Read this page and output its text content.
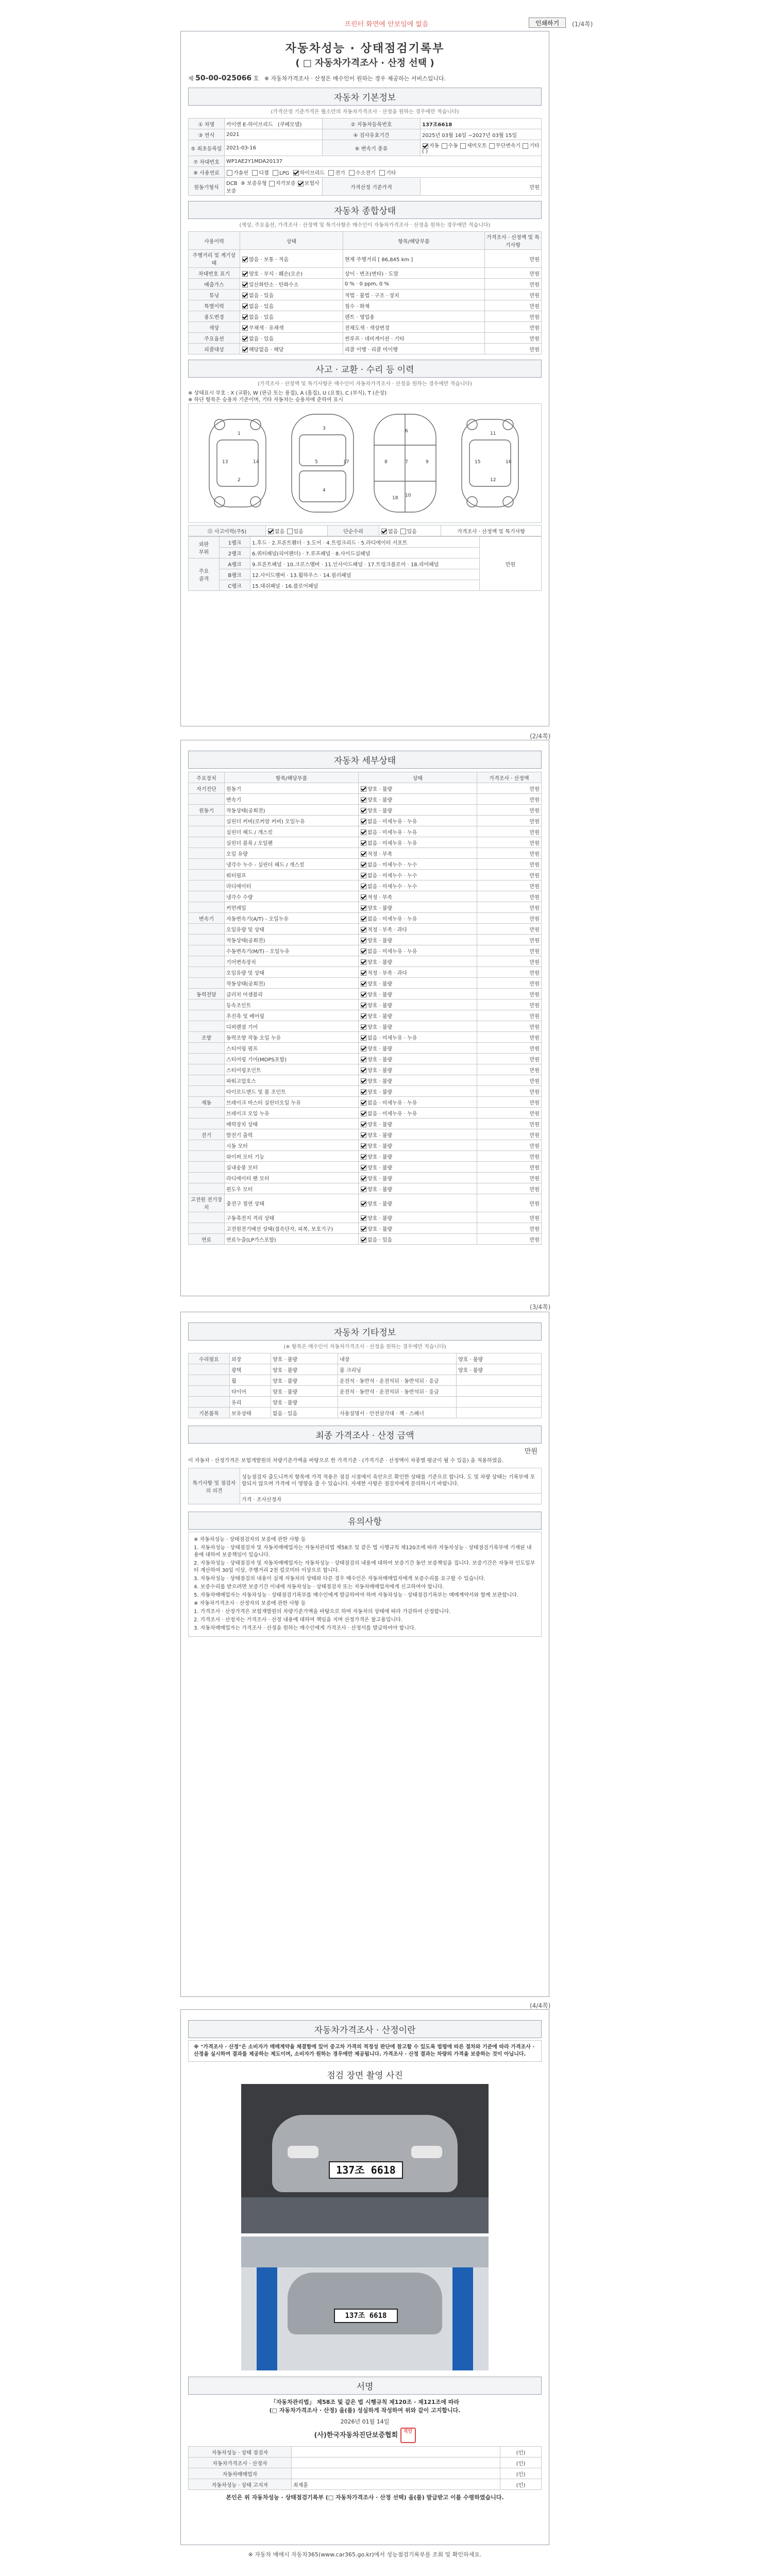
프린터 화면에 안보임에 없음	인쇄하기	(1/4쪽)
자동차성능 · 상태점검기록부
( □ 자동차가격조사 · 산정 선택 )
제 50-00-025066 호 ※ 자동차가격조사 · 산정은 매수인이 원하는 경우 제공하는 서비스입니다.
자동차 기본정보
(가격산정 기준가격은 월소만의 자동차가격조사 · 산정을 원하는 경우에만 적습니다)
① 차명	카이엔 E-하이브리드 (쿠페모델)	② 자동차등록번호	137조6618
③ 연식	2021	④ 검사유효기간	2025년 03월 16일 ~2027년 03월 15일
⑤ 최초등록일	2021-03-16	⑥ 변속기 종류	자동 수동 세미오토 무단변속기 기타 ( )
⑦ 차대번호	WP1AE2Y1MDA20137		
⑧ 사용연료	가솔린 디젤 LPG 하이브리드 전기 수소전기 기타		
원동기형식	DCB ⑨ 보증유형 자가보증 보험사보증	가격산정 기준가격	만원
자동차 종합상태
(색상, 주요옵션, 가격조사 · 산정액 및 특기사항은 매수인이 자동차가격조사 · 산정을 원하는 경우에만 적습니다)
사용이력	상태	항목/해당부품	가격조사 · 산정액 및 특기사항
주행거리 및 계기상태	많음 · 보통 · 적음	현재 주행거리 [ 86,845 km ]	만원
차대번호 표기	양호 · 부식 · 훼손(오손)	상이 · 변조(변타) · 도말	만원
배출가스	일산화탄소 · 탄화수소	0 % · 0 ppm, 0 %	만원
튜닝	없음 · 있음	적법 · 불법 · 구조 · 장치	만원
특별이력	없음 · 있음	침수 · 화재	만원
용도변경	없음 · 있음	렌트 · 영업용	만원
색상	무채색 · 유채색	전체도색 · 색상변경	만원
주요옵션	없음 · 있음	썬루프 · 네비게이션 · 기타	만원
리콜대상	해당없음 · 해당	리콜 이행 · 리콜 미이행	만원
사고 · 교환 · 수리 등 이력
(가격조사 · 산정액 및 특기사항은 매수인이 자동차가격조사 · 산정을 원하는 경우에만 적습니다)
※ 상태표시 부호 : X (교환), W (판금 또는 용접), A (흠집), U (요철), C (부식), T (손상)
※ 하단 항목은 승용차 기준이며, 기타 자동차는 승용차에 준하여 표시
1
2
3
4
5
6
7
8	9
10
11
12
13	14	15	16
17
18
⑫ 사고이력(주5)	없음 있음	단순수리	없음 있음	가격조사 · 산정액 및 특기사항
외판
부위	1랭크	1.후드 · 2.프론트휀더 · 3.도어 · 4.트렁크리드 · 5.라디에이터 서포트	만원
	2랭크	6.쿼터패널(리어펜더) · 7.루프패널 · 8.사이드실패널	
주요
골격	A랭크	9.프론트패널 · 10.크로스멤버 · 11.인사이드패널 · 17.트렁크플로어 · 18.리어패널	
	B랭크	12.사이드멤버 · 13.휠하우스 · 14.필러패널	
	C랭크	15.대쉬패널 · 16.플로어패널	
(2/4쪽)
자동차 세부상태
주요장치	항목/해당부품	상태	가격조사 · 산정액
자기진단	원동기	양호 · 불량	만원
	변속기	양호 · 불량	만원
원동기	작동상태(공회전)	양호 · 불량	만원
	실린더 커버(로커암 커버) 오일누유	없음 · 미세누유 · 누유	만원
	실린더 헤드 / 개스킷	없음 · 미세누유 · 누유	만원
	실린더 블록 / 오일팬	없음 · 미세누유 · 누유	만원
	오일 유량	적정 · 부족	만원
	냉각수 누수 - 실린더 헤드 / 개스킷	없음 · 미세누수 · 누수	만원
	워터펌프	없음 · 미세누수 · 누수	만원
	라디에이터	없음 · 미세누수 · 누수	만원
	냉각수 수량	적정 · 부족	만원
	커먼레일	양호 · 불량	만원
변속기	자동변속기(A/T) - 오일누유	없음 · 미세누유 · 누유	만원
	오일유량 및 상태	적정 · 부족 · 과다	만원
	작동상태(공회전)	양호 · 불량	만원
	수동변속기(M/T) - 오일누유	없음 · 미세누유 · 누유	만원
	기어변속장치	양호 · 불량	만원
	오일유량 및 상태	적정 · 부족 · 과다	만원
	작동상태(공회전)	양호 · 불량	만원
동력전달	클러치 어셈블리	양호 · 불량	만원
	등속조인트	양호 · 불량	만원
	추진축 및 베어링	양호 · 불량	만원
	디퍼렌셜 기어	양호 · 불량	만원
조향	동력조향 작동 오일 누유	없음 · 미세누유 · 누유	만원
	스티어링 펌프	양호 · 불량	만원
	스티어링 기어(MDPS포함)	양호 · 불량	만원
	스티어링조인트	양호 · 불량	만원
	파워고압호스	양호 · 불량	만원
	타이로드엔드 및 볼 조인트	양호 · 불량	만원
제동	브레이크 마스터 실린더오일 누유	없음 · 미세누유 · 누유	만원
	브레이크 오일 누유	없음 · 미세누유 · 누유	만원
	배력장치 상태	양호 · 불량	만원
전기	발전기 출력	양호 · 불량	만원
	시동 모터	양호 · 불량	만원
	와이퍼 모터 기능	양호 · 불량	만원
	실내송풍 모터	양호 · 불량	만원
	라디에이터 팬 모터	양호 · 불량	만원
	윈도우 모터	양호 · 불량	만원
고전원 전기장치	충전구 절연 상태	양호 · 불량	만원
	구동축전지 격리 상태	양호 · 불량	만원
	고전원전기배선 상태(접속단자, 피복, 보호기구)	양호 · 불량	만원
연료	연료누출(LP가스포함)	없음 · 있음	만원
(3/4쪽)
자동차 기타정보
(※ 항목은 매수인이 자동차가격조사 · 산정을 원하는 경우에만 적습니다)
수리필요	외장	양호 · 불량	내장	양호 · 불량
	광택	양호 · 불량	룸 크리닝	양호 · 불량
	휠	양호 · 불량	운전석 · 동반석 · 운전석뒤 · 동반석뒤 · 응급	
	타이어	양호 · 불량	운전석 · 동반석 · 운전석뒤 · 동반석뒤 · 응급	
	유리	양호 · 불량		
기본품목	보유상태	없음 · 있음	사용설명서 · 안전삼각대 · 잭 · 스패너	
최종 가격조사 · 산정 금액
만원
이 자동차 · 산정가격은 보험개발원의 차량기준가액을 바탕으로 한 가격기준 · (가격기준 · 산정액이 차종별 평균이 될 수 있음) 을 적용하였음.
특기사항 및 점검자의 의견	성능점검자 출도니까지 항목에 가격 적용은 점검 시점에서 육안으로 확인한 상태를 기준으로 합니다. 도 및 차량 상태는 기록부에 포함되지 않으며 가격에 이 영향을 줄 수 있습니다. 자세한 사항은 점검자에게 문의하시기 바랍니다.
가격 · 조사산정자
유의사항

※ 자동차성능 · 상태점검자의 보증에 관한 사항 등

1. 자동차성능 · 상태점검자 및 자동차매매업자는 자동차관리법 제58조 및 같은 법 시행규칙 제120조에 따라 자동차성능 · 상태점검기록부에 기재된 내용에 대하여 보증책임이 있습니다.

2. 자동차성능 · 상태점검자 및 자동차매매업자는 자동차성능 · 상태점검의 내용에 대하여 보증기간 동안 보증책임을 집니다. 보증기간은 자동차 인도일부터 계산하여 30일 이상, 주행거리 2천 킬로미터 이상으로 합니다.

3. 자동차성능 · 상태점검의 내용이 실제 자동차의 상태와 다른 경우 매수인은 자동차매매업자에게 보증수리를 요구할 수 있습니다.

4. 보증수리를 받으려면 보증기간 이내에 자동차성능 · 상태점검자 또는 자동차매매업자에게 신고하여야 합니다.

5. 자동차매매업자는 자동차성능 · 상태점검기록부를 매수인에게 발급하여야 하며 자동차성능 · 상태점검기록부는 매매계약서와 함께 보관합니다.

※ 자동차가격조사 · 산정자의 보증에 관한 사항 등

1. 가격조사 · 산정가격은 보험개발원의 차량기준가액을 바탕으로 하며 자동차의 상태에 따라 가감하여 산정합니다.

2. 가격조사 · 산정자는 가격조사 · 산정 내용에 대하여 책임을 지며 산정가격은 참고용입니다.

3. 자동차매매업자는 가격조사 · 산정을 원하는 매수인에게 가격조사 · 산정서를 발급하여야 합니다.

(4/4쪽)
자동차가격조사 · 산정이란
※ "가격조사 · 산정"은 소비자가 매매계약을 체결함에 있어 중고차 가격의 적정성 판단에 참고할 수 있도록 법령에 따른 절차와 기준에 따라 가격조사 · 산정을 실시하여 결과를 제공하는 제도이며, 소비자가 원하는 경우에만 제공됩니다. 가격조사 · 산정 결과는 차량의 가격을 보증하는 것이 아닙니다.
점검 장면 촬영 사진
137조 6618
137조 6618
서명
「자동차관리법」 제58조 및 같은 법 시행규칙 제120조 · 제121조에 따라
(□ 자동차가격조사 · 산정) 을(를) 성실하게 작성하여 위와 같이 고지합니다.
2026년 01월 14일
(사)한국자동차진단보증협회 직인
자동차성능 · 상태 점검자		(인)
자동차가격조사 · 산정자		(인)
자동차매매업자		(인)
자동차성능 · 상태 고지자	최재훈	(인)
본인은 위 자동차성능 · 상태점검기록부 (□ 자동차가격조사 · 산정 선택) 을(를) 발급받고 이를 수령하였습니다.
※ 자동차 매매시 자동차365(www.car365.go.kr)에서 성능점검기록부를 조회 및 확인하세요.
